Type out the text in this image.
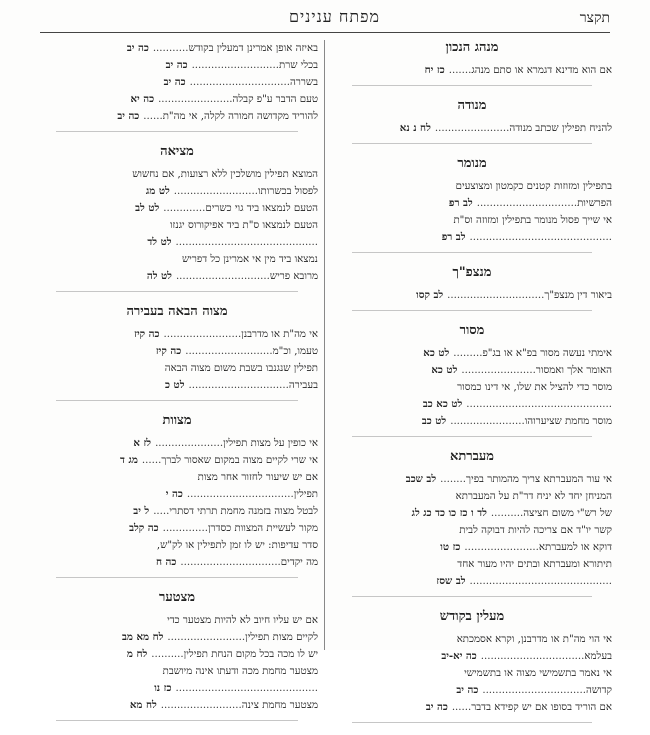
תקצר
מפתח ענינים
מנהג הנכון
אם הוא מדינא דגמרא או סתם מנהג.......כז יח
מנודה
להניח תפילין שכתב מנודה.......................לח נ נא
מנומר
בתפילין ומזוזות קטנים כקמטון ומצוצעים
הפרשיות...............................לב רפ
אי שייך פסול מנומר בתפילין ומזוזה וס"ת
............................................לב רפ
מנצפ"ך
ביאור דין מנצפ"ך..............................לב קסו
מסור
אימתי נעשה מסור בפ"א או בג"פ.........לט כא
האומר אלך ואמסור.......................לט כא
מוסר כדי להציל את שלו, אי דינו כמסור
.............................................לט כא כב
מוסר מחמת שציערוהו.......................לט כב
מעברתא
אי עור המעברתא צריך מהמותר בפיך........לב שכב
המניחן יחד לא יניח דר"ת על המעברתא
של רש"י משום חציצה..........לד ו כז כו כד כג לג
קשר יו"ד אם צריכה להיות דבוקה לבית
דוקא או למעברתא.......................כז טו
תיתורא ומעברתא ובתים יהיו מעור אחד
............................................לב שסז
מעלין בקודש
אי הוי מה"ת או מדרבנן, וקרא אסמכתא
בעלמא................................כה יא-יב
אי נאמר בתשמישי מצוה או בתשמישי
קדושה................................כה יב
אם הוריד בסופו אם יש קפידא בדבר......כה יב
באיזה אופן אמרינן דמעלין בקודש...........כה יב
בכלי שרת...........................כה יב
בשררה...............................כה יב
טעם הדבר ע"פ קבלה.......................כה יא
להוריד מקדושה חמורה לקלה, אי מה"ת......כה יב
מציאה
המוצא תפילין מושלכין ללא רצועות, אם נחשוש
לפסול בכשרותו..........................לט מג
הטעם לנמצאו ביד גוי כשרים.............לט לב
הטעם לנמצאו ס"ת ביד אפיקורוס יגנזו
............................................לט לד
נמצאו ביד מין אי אמרינן כל דפריש
מרובא פריש.............................לט לה
מצוה הבאה בעבירה
אי מה"ת או מדרבנן........................כה קיז
טעמו, וכ"מ...........................כה קיז
תפילין שנגנבו בשבת משום מצוה הבאה
בעבירה...............................לט כ
מצוות
אי כופין על מצות תפילין.....................לז א
אי שרי לקיים מצוה במקום שאסור לברך......מג ד
אם יש שיעור לחזור אחר מצות
תפילין.................................כה י
לבטל מצוה בזמנה מחמת תרתי דסתרי.....ל יב
מקור לעשיית המצוות כסדרן..............כה קלב
סדר עדיפות: יש לו זמן לתפילין או לק"ש,
מה יקדים...............................כה ח
מצטער
אם יש עליו חיוב לא להיות מצטער כדי
לקיים מצות תפילין........................לח מא מב
יש לו מכה בכל מקום הנחת תפילין..........לח מ
מצטער מחמת מכה ודעתו אינה מיושבת
............................................כז נו
מצטער מחמת צינה.........................לח מא
